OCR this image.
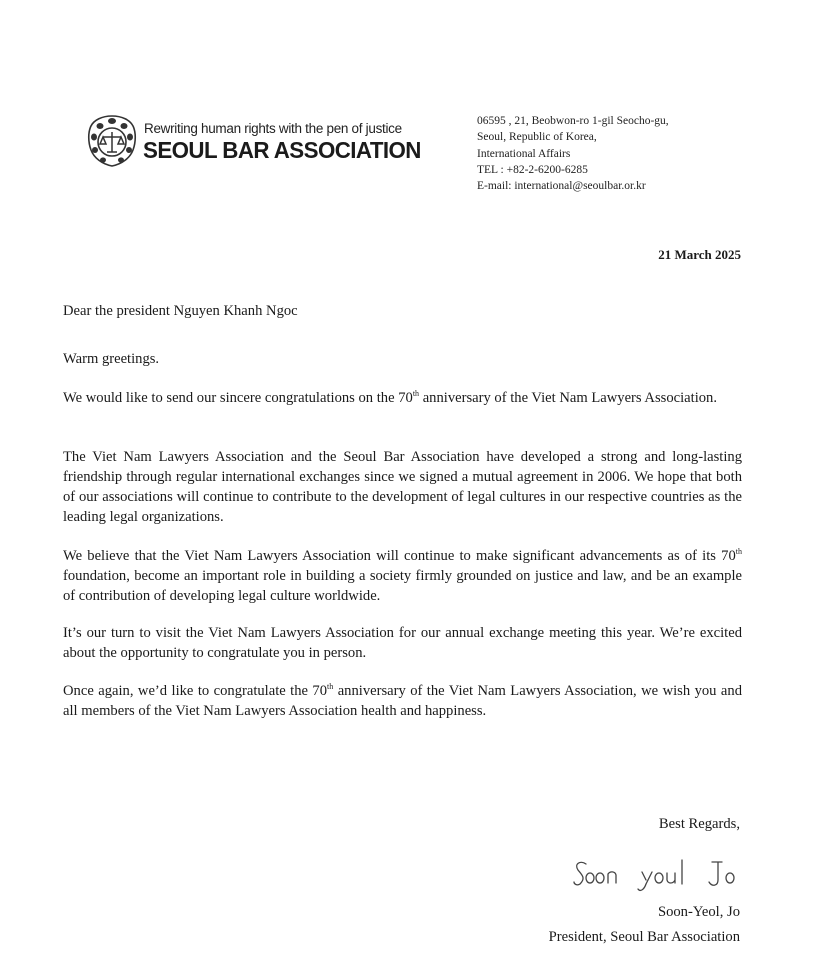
Rewriting human rights with the pen of justice
SEOUL BAR ASSOCIATION
06595 , 21, Beobwon-ro 1-gil Seocho-gu,
Seoul, Republic of Korea,
International Affairs
TEL : +82-2-6200-6285
E-mail: international@seoulbar.or.kr
21 March 2025
Dear the president Nguyen Khanh Ngoc
Warm greetings.
We would like to send our sincere congratulations on the 70th anniversary of the Viet Nam Lawyers Association.
The Viet Nam Lawyers Association and the Seoul Bar Association have developed a strong and long-lasting friendship through regular international exchanges since we signed a mutual agreement in 2006. We hope that both of our associations will continue to contribute to the development of legal cultures in our respective countries as the leading legal organizations.
We believe that the Viet Nam Lawyers Association will continue to make significant advancements as of its 70th foundation, become an important role in building a society firmly grounded on justice and law, and be an example of contribution of developing legal culture worldwide.
It’s our turn to visit the Viet Nam Lawyers Association for our annual exchange meeting this year. We’re excited about the opportunity to congratulate you in person.
Once again, we’d like to congratulate the 70th anniversary of the Viet Nam Lawyers Association, we wish you and all members of the Viet Nam Lawyers Association health and happiness.
Best Regards,
Soon-Yeol, Jo
President, Seoul Bar Association
